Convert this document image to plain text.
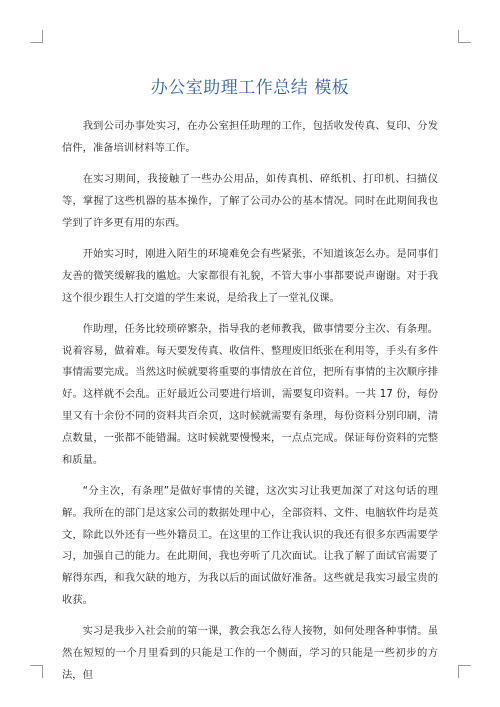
办公室助理工作总结 模板

我到公司办事处实习，在办公室担任助理的工作，包括收发传真、复印、分发信件，准备培训材料等工作。

在实习期间，我接触了一些办公用品，如传真机、碎纸机、打印机、扫描仪等，掌握了这些机器的基本操作，了解了公司办公的基本情况。同时在此期间我也学到了许多更有用的东西。

开始实习时，刚进入陌生的环境难免会有些紧张，不知道该怎么办。是同事们友善的微笑缓解我的尴尬。大家都很有礼貌，不管大事小事都要说声谢谢。对于我这个很少跟生人打交道的学生来说，是给我上了一堂礼仪课。

作助理，任务比较琐碎繁杂，指导我的老师教我，做事情要分主次、有条理。说着容易，做着难。每天要发传真、收信件、整理废旧纸张在利用等，手头有多件事情需要完成。当然这时候就要将重要的事情放在首位，把所有事情的主次顺序排好。这样就不会乱。正好最近公司要进行培训，需要复印资料。一共 17 份，每份里又有十余份不同的资料共百余页，这时候就需要有条理，每份资料分别印刷，清点数量，一张都不能错漏。这时候就要慢慢来，一点点完成。保证每份资料的完整和质量。

“分主次，有条理”是做好事情的关键，这次实习让我更加深了对这句话的理解。我所在的部门是这家公司的数据处理中心，全部资料、文件、电脑软件均是英文，除此以外还有一些外籍员工。在这里的工作让我认识的我还有很多东西需要学习，加强自己的能力。在此期间，我也旁听了几次面试。让我了解了面试官需要了解得东西，和我欠缺的地方，为我以后的面试做好准备。这些就是我实习最宝贵的收获。

实习是我步入社会前的第一课，教会我怎么待人接物，如何处理各种事情。虽然在短短的一个月里看到的只能是工作的一个侧面，学习的只能是一些初步的方法，但
